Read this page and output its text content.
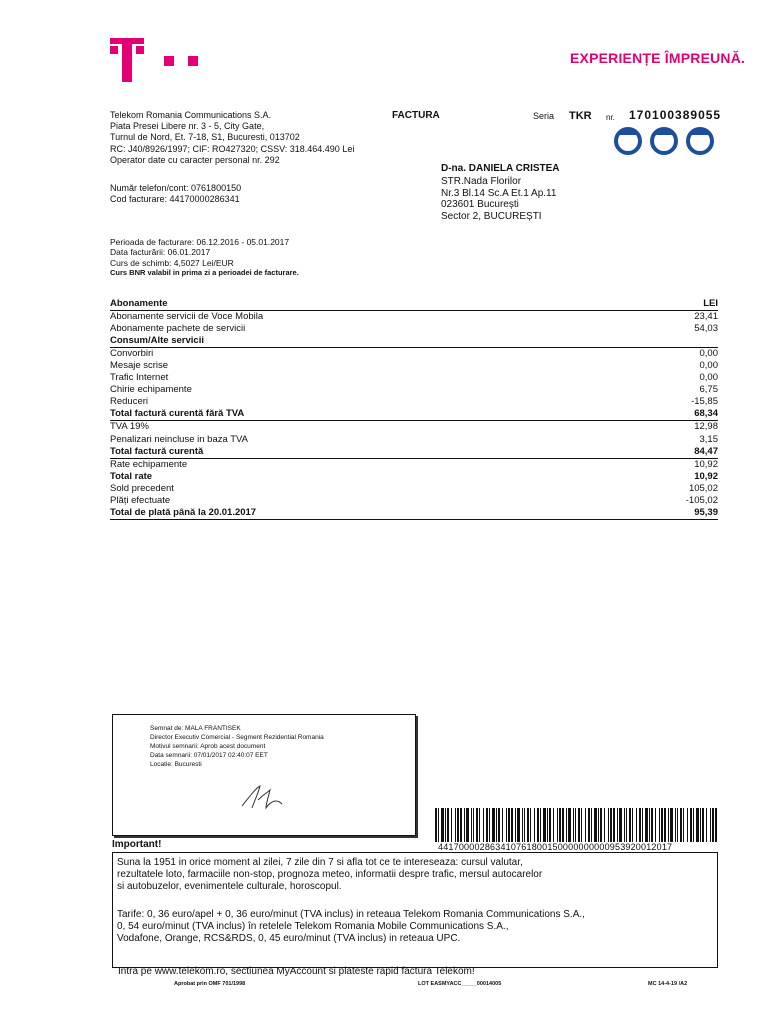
EXPERIENȚE ÎMPREUNĂ.
Telekom Romania Communications S.A.
Piata Presei Libere nr. 3 - 5, City Gate,
Turnul de Nord, Et. 7-18, S1, Bucuresti, 013702
RC: J40/8926/1997; CIF: RO427320; CSSV: 318.464.490 Lei
Operator date cu caracter personal nr. 292
FACTURA	Seria TKR nr. 170100389055
D-na. DANIELA CRISTEA
STR.Nada Florilor
Nr.3 Bl.14 Sc.A Et.1 Ap.11
023601 București
Sector 2, BUCUREȘTI
Număr telefon/cont: 0761800150
Cod facturare: 44170000286341
Perioada de facturare: 06.12.2016 - 05.01.2017
Data facturării: 06.01.2017
Curs de schimb: 4,5027 Lei/EUR
Curs BNR valabil in prima zi a perioadei de facturare.
Abonamente	LEI
Abonamente servicii de Voce Mobila	23,41
Abonamente pachete de servicii	54,03
Consum/Alte servicii
Convorbiri	0,00
Mesaje scrise	0,00
Trafic Internet	0,00
Chirie echipamente	6,75
Reduceri	-15,85
Total factură curentă fără TVA	68,34
TVA 19%	12,98
Penalizari neincluse in baza TVA	3,15
Total factură curentă	84,47
Rate echipamente	10,92
Total rate	10,92
Sold precedent	105,02
Plăți efectuate	-105,02
Total de plată până la 20.01.2017	95,39
Semnat de: MALA FRANTISEK
Director Executiv Comercial - Segment Rezidential Romania
Motivul semnarii: Aprob acest document
Data semnarii: 07/01/2017 02:40:07 EET
Locatie: Bucuresti
4417000028634107618001500000000009539200120​17
Important!
Suna la 1951 in orice moment al zilei, 7 zile din 7 si afla tot ce te intereseaza: cursul valutar,
rezultatele loto, farmaciile non-stop, prognoza meteo, informatii despre trafic, mersul autocarelor
si autobuzelor, evenimentele culturale, horoscopul.
Tarife: 0, 36 euro/apel + 0, 36 euro/minut (TVA inclus) in reteaua Telekom Romania Communications S.A.,
0, 54 euro/minut (TVA inclus) în retelele Telekom Romania Mobile Communications S.A.,
Vodafone, Orange, RCS&RDS, 0, 45 euro/minut (TVA inclus) in reteaua UPC.
Intra pe www.telekom.ro, sectiunea MyAccount si plateste rapid factura Telekom!
Aprobat prin OMF 701/1998	LOT EASMYACC_____00014005	MC 14-4-19 /A2
